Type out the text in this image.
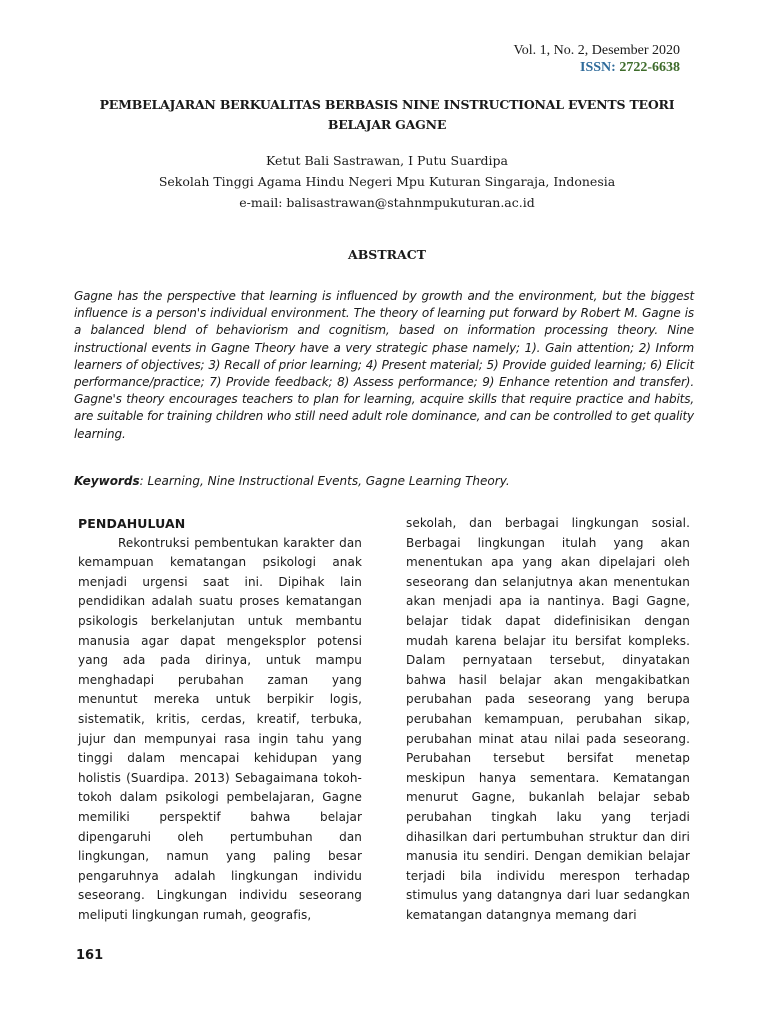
Vol. 1, No. 2, Desember 2020
ISSN: 2722-6638
PEMBELAJARAN BERKUALITAS BERBASIS NINE INSTRUCTIONAL EVENTS TEORI
BELAJAR GAGNE
Ketut Bali Sastrawan, I Putu Suardipa
Sekolah Tinggi Agama Hindu Negeri Mpu Kuturan Singaraja, Indonesia
e-mail: balisastrawan@stahnmpukuturan.ac.id
ABSTRACT

Gagne has the perspective that learning is influenced by growth and the environment, but the biggest influence is a person's individual environment. The theory of learning put forward by Robert M. Gagne is a balanced blend of behaviorism and cognitism, based on information processing theory. Nine instructional events in Gagne Theory have a very strategic phase namely; 1). Gain attention; 2) Inform learners of objectives; 3) Recall of prior learning; 4) Present material; 5) Provide guided learning; 6) Elicit performance/practice; 7) Provide feedback; 8) Assess performance; 9) Enhance retention and transfer). Gagne's theory encourages teachers to plan for learning, acquire skills that require practice and habits, are suitable for training children who still need adult role dominance, and can be controlled to get quality learning.

Keywords: Learning, Nine Instructional Events, Gagne Learning Theory.
PENDAHULUAN
Rekontruksi pembentukan karakter dan kemampuan kematangan psikologi anak menjadi urgensi saat ini. Dipihak lain pendidikan adalah suatu proses kematangan psikologis berkelanjutan untuk membantu manusia agar dapat mengeksplor potensi yang ada pada dirinya, untuk mampu menghadapi perubahan zaman yang menuntut mereka untuk berpikir logis, sistematik, kritis, cerdas, kreatif, terbuka, jujur dan mempunyai rasa ingin tahu yang tinggi dalam mencapai kehidupan yang holistis (Suardipa. 2013) Sebagaimana tokoh-tokoh dalam psikologi pembelajaran, Gagne memiliki perspektif bahwa belajar dipengaruhi oleh pertumbuhan dan lingkungan, namun yang paling besar pengaruhnya adalah lingkungan individu seseorang. Lingkungan individu seseorang meliputi lingkungan rumah, geografis,
sekolah, dan berbagai lingkungan sosial. Berbagai lingkungan itulah yang akan menentukan apa yang akan dipelajari oleh seseorang dan selanjutnya akan menentukan akan menjadi apa ia nantinya. Bagi Gagne, belajar tidak dapat didefinisikan dengan mudah karena belajar itu bersifat kompleks. Dalam pernyataan tersebut, dinyatakan bahwa hasil belajar akan mengakibatkan perubahan pada seseorang yang berupa perubahan kemampuan, perubahan sikap, perubahan minat atau nilai pada seseorang. Perubahan tersebut bersifat menetap meskipun hanya sementara. Kematangan menurut Gagne, bukanlah belajar sebab perubahan tingkah laku yang terjadi dihasilkan dari pertumbuhan struktur dan diri manusia itu sendiri. Dengan demikian belajar terjadi bila individu merespon terhadap stimulus yang datangnya dari luar sedangkan kematangan datangnya memang dari
161
